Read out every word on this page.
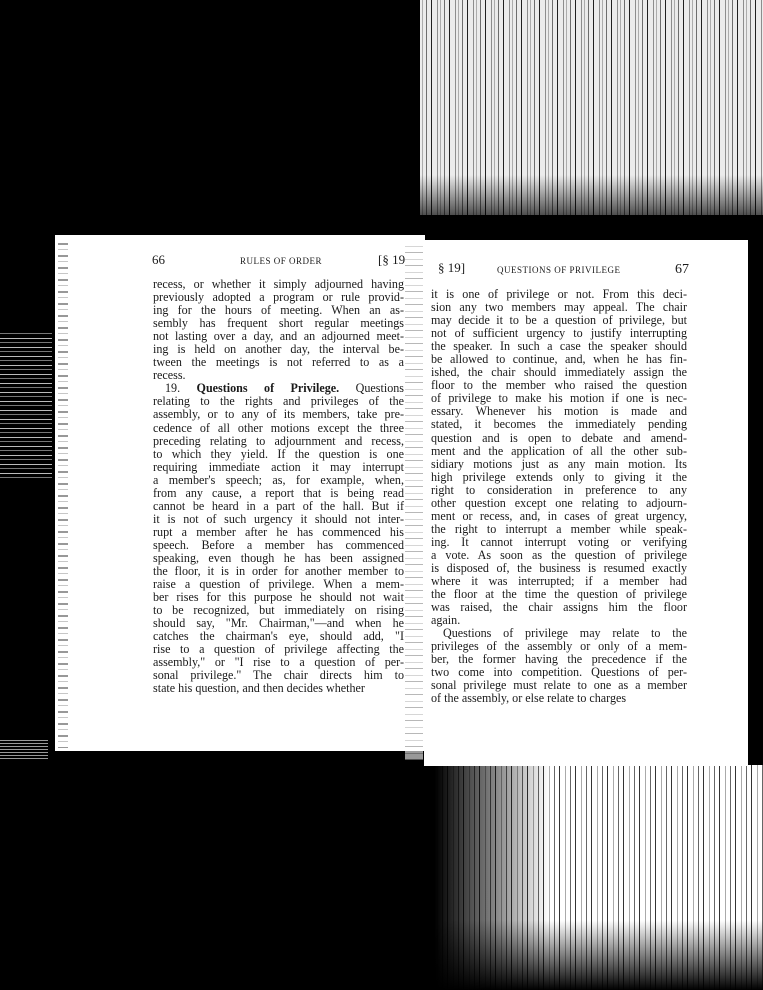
66	RULES OF ORDER	[§ 19
recess, or whether it simply adjourned having
previously adopted a program or rule provid-
ing for the hours of meeting. When an as-
sembly has frequent short regular meetings
not lasting over a day, and an adjourned meet-
ing is held on another day, the interval be-
tween the meetings is not referred to as a
recess.
19. Questions of Privilege. Questions
relating to the rights and privileges of the
assembly, or to any of its members, take pre-
cedence of all other motions except the three
preceding relating to adjournment and recess,
to which they yield. If the question is one
requiring immediate action it may interrupt
a member's speech; as, for example, when,
from any cause, a report that is being read
cannot be heard in a part of the hall. But if
it is not of such urgency it should not inter-
rupt a member after he has commenced his
speech. Before a member has commenced
speaking, even though he has been assigned
the floor, it is in order for another member to
raise a question of privilege. When a mem-
ber rises for this purpose he should not wait
to be recognized, but immediately on rising
should say, "Mr. Chairman,"—and when he
catches the chairman's eye, should add, "I
rise to a question of privilege affecting the
assembly," or "I rise to a question of per-
sonal privilege." The chair directs him to
state his question, and then decides whether
§ 19]	QUESTIONS OF PRIVILEGE	67
it is one of privilege or not. From this deci-
sion any two members may appeal. The chair
may decide it to be a question of privilege, but
not of sufficient urgency to justify interrupting
the speaker. In such a case the speaker should
be allowed to continue, and, when he has fin-
ished, the chair should immediately assign the
floor to the member who raised the question
of privilege to make his motion if one is nec-
essary. Whenever his motion is made and
stated, it becomes the immediately pending
question and is open to debate and amend-
ment and the application of all the other sub-
sidiary motions just as any main motion. Its
high privilege extends only to giving it the
right to consideration in preference to any
other question except one relating to adjourn-
ment or recess, and, in cases of great urgency,
the right to interrupt a member while speak-
ing. It cannot interrupt voting or verifying
a vote. As soon as the question of privilege
is disposed of, the business is resumed exactly
where it was interrupted; if a member had
the floor at the time the question of privilege
was raised, the chair assigns him the floor
again.
Questions of privilege may relate to the
privileges of the assembly or only of a mem-
ber, the former having the precedence if the
two come into competition. Questions of per-
sonal privilege must relate to one as a member
of the assembly, or else relate to charges
